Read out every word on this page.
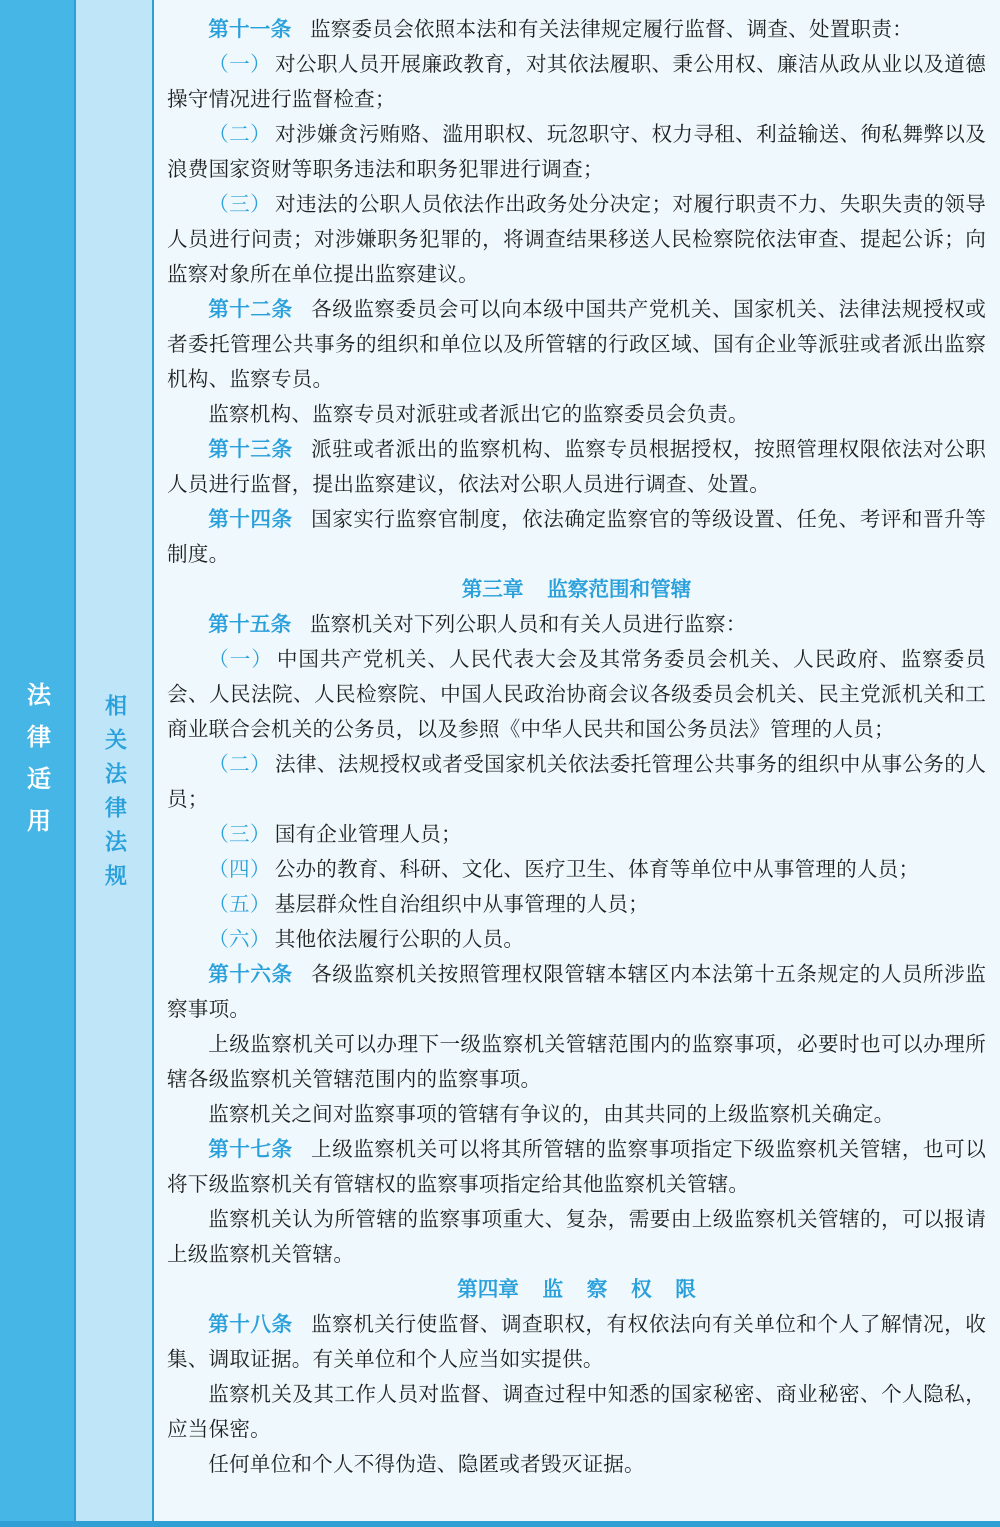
法律适用 相关法律法规

第十一条 监察委员会依照本法和有关法律规定履行监督、调查、处置职责：

（一） 对公职人员开展廉政教育，对其依法履职、秉公用权、廉洁从政从业以及道德操守情况进行监督检查；

（二） 对涉嫌贪污贿赂、滥用职权、玩忽职守、权力寻租、利益输送、徇私舞弊以及浪费国家资财等职务违法和职务犯罪进行调查；

（三） 对违法的公职人员依法作出政务处分决定；对履行职责不力、失职失责的领导人员进行问责；对涉嫌职务犯罪的，将调查结果移送人民检察院依法审查、提起公诉；向监察对象所在单位提出监察建议。

第十二条 各级监察委员会可以向本级中国共产党机关、国家机关、法律法规授权或者委托管理公共事务的组织和单位以及所管辖的行政区域、国有企业等派驻或者派出监察机构、监察专员。

监察机构、监察专员对派驻或者派出它的监察委员会负责。

第十三条 派驻或者派出的监察机构、监察专员根据授权，按照管理权限依法对公职人员进行监督，提出监察建议，依法对公职人员进行调查、处置。

第十四条 国家实行监察官制度，依法确定监察官的等级设置、任免、考评和晋升等制度。

第三章 监察范围和管辖

第十五条 监察机关对下列公职人员和有关人员进行监察：

（一） 中国共产党机关、人民代表大会及其常务委员会机关、人民政府、监察委员会、人民法院、人民检察院、中国人民政治协商会议各级委员会机关、民主党派机关和工商业联合会机关的公务员，以及参照《中华人民共和国公务员法》管理的人员；

（二） 法律、法规授权或者受国家机关依法委托管理公共事务的组织中从事公务的人员；

（三） 国有企业管理人员；

（四） 公办的教育、科研、文化、医疗卫生、体育等单位中从事管理的人员；

（五） 基层群众性自治组织中从事管理的人员；

（六） 其他依法履行公职的人员。

第十六条 各级监察机关按照管理权限管辖本辖区内本法第十五条规定的人员所涉监察事项。

上级监察机关可以办理下一级监察机关管辖范围内的监察事项，必要时也可以办理所辖各级监察机关管辖范围内的监察事项。

监察机关之间对监察事项的管辖有争议的，由其共同的上级监察机关确定。

第十七条 上级监察机关可以将其所管辖的监察事项指定下级监察机关管辖，也可以将下级监察机关有管辖权的监察事项指定给其他监察机关管辖。

监察机关认为所管辖的监察事项重大、复杂，需要由上级监察机关管辖的，可以报请上级监察机关管辖。

第四章 监 察 权 限

第十八条 监察机关行使监督、调查职权，有权依法向有关单位和个人了解情况，收集、调取证据。有关单位和个人应当如实提供。

监察机关及其工作人员对监督、调查过程中知悉的国家秘密、商业秘密、个人隐私，应当保密。

任何单位和个人不得伪造、隐匿或者毁灭证据。
